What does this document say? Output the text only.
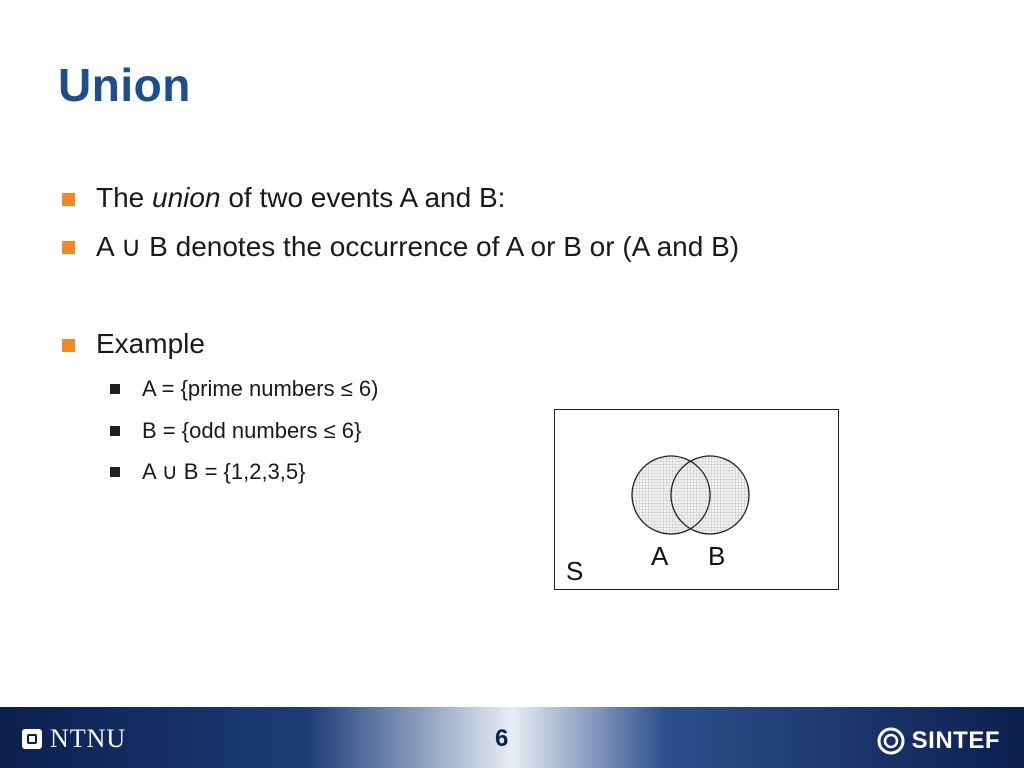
Union
The union of two events A and B:
A ∪ B denotes the occurrence of A or B or (A and B)
Example
A = {prime numbers ≤ 6)
B = {odd numbers ≤ 6}
A ∪ B = {1,2,3,5}
A B
S
NTNU	6	SINTEF
